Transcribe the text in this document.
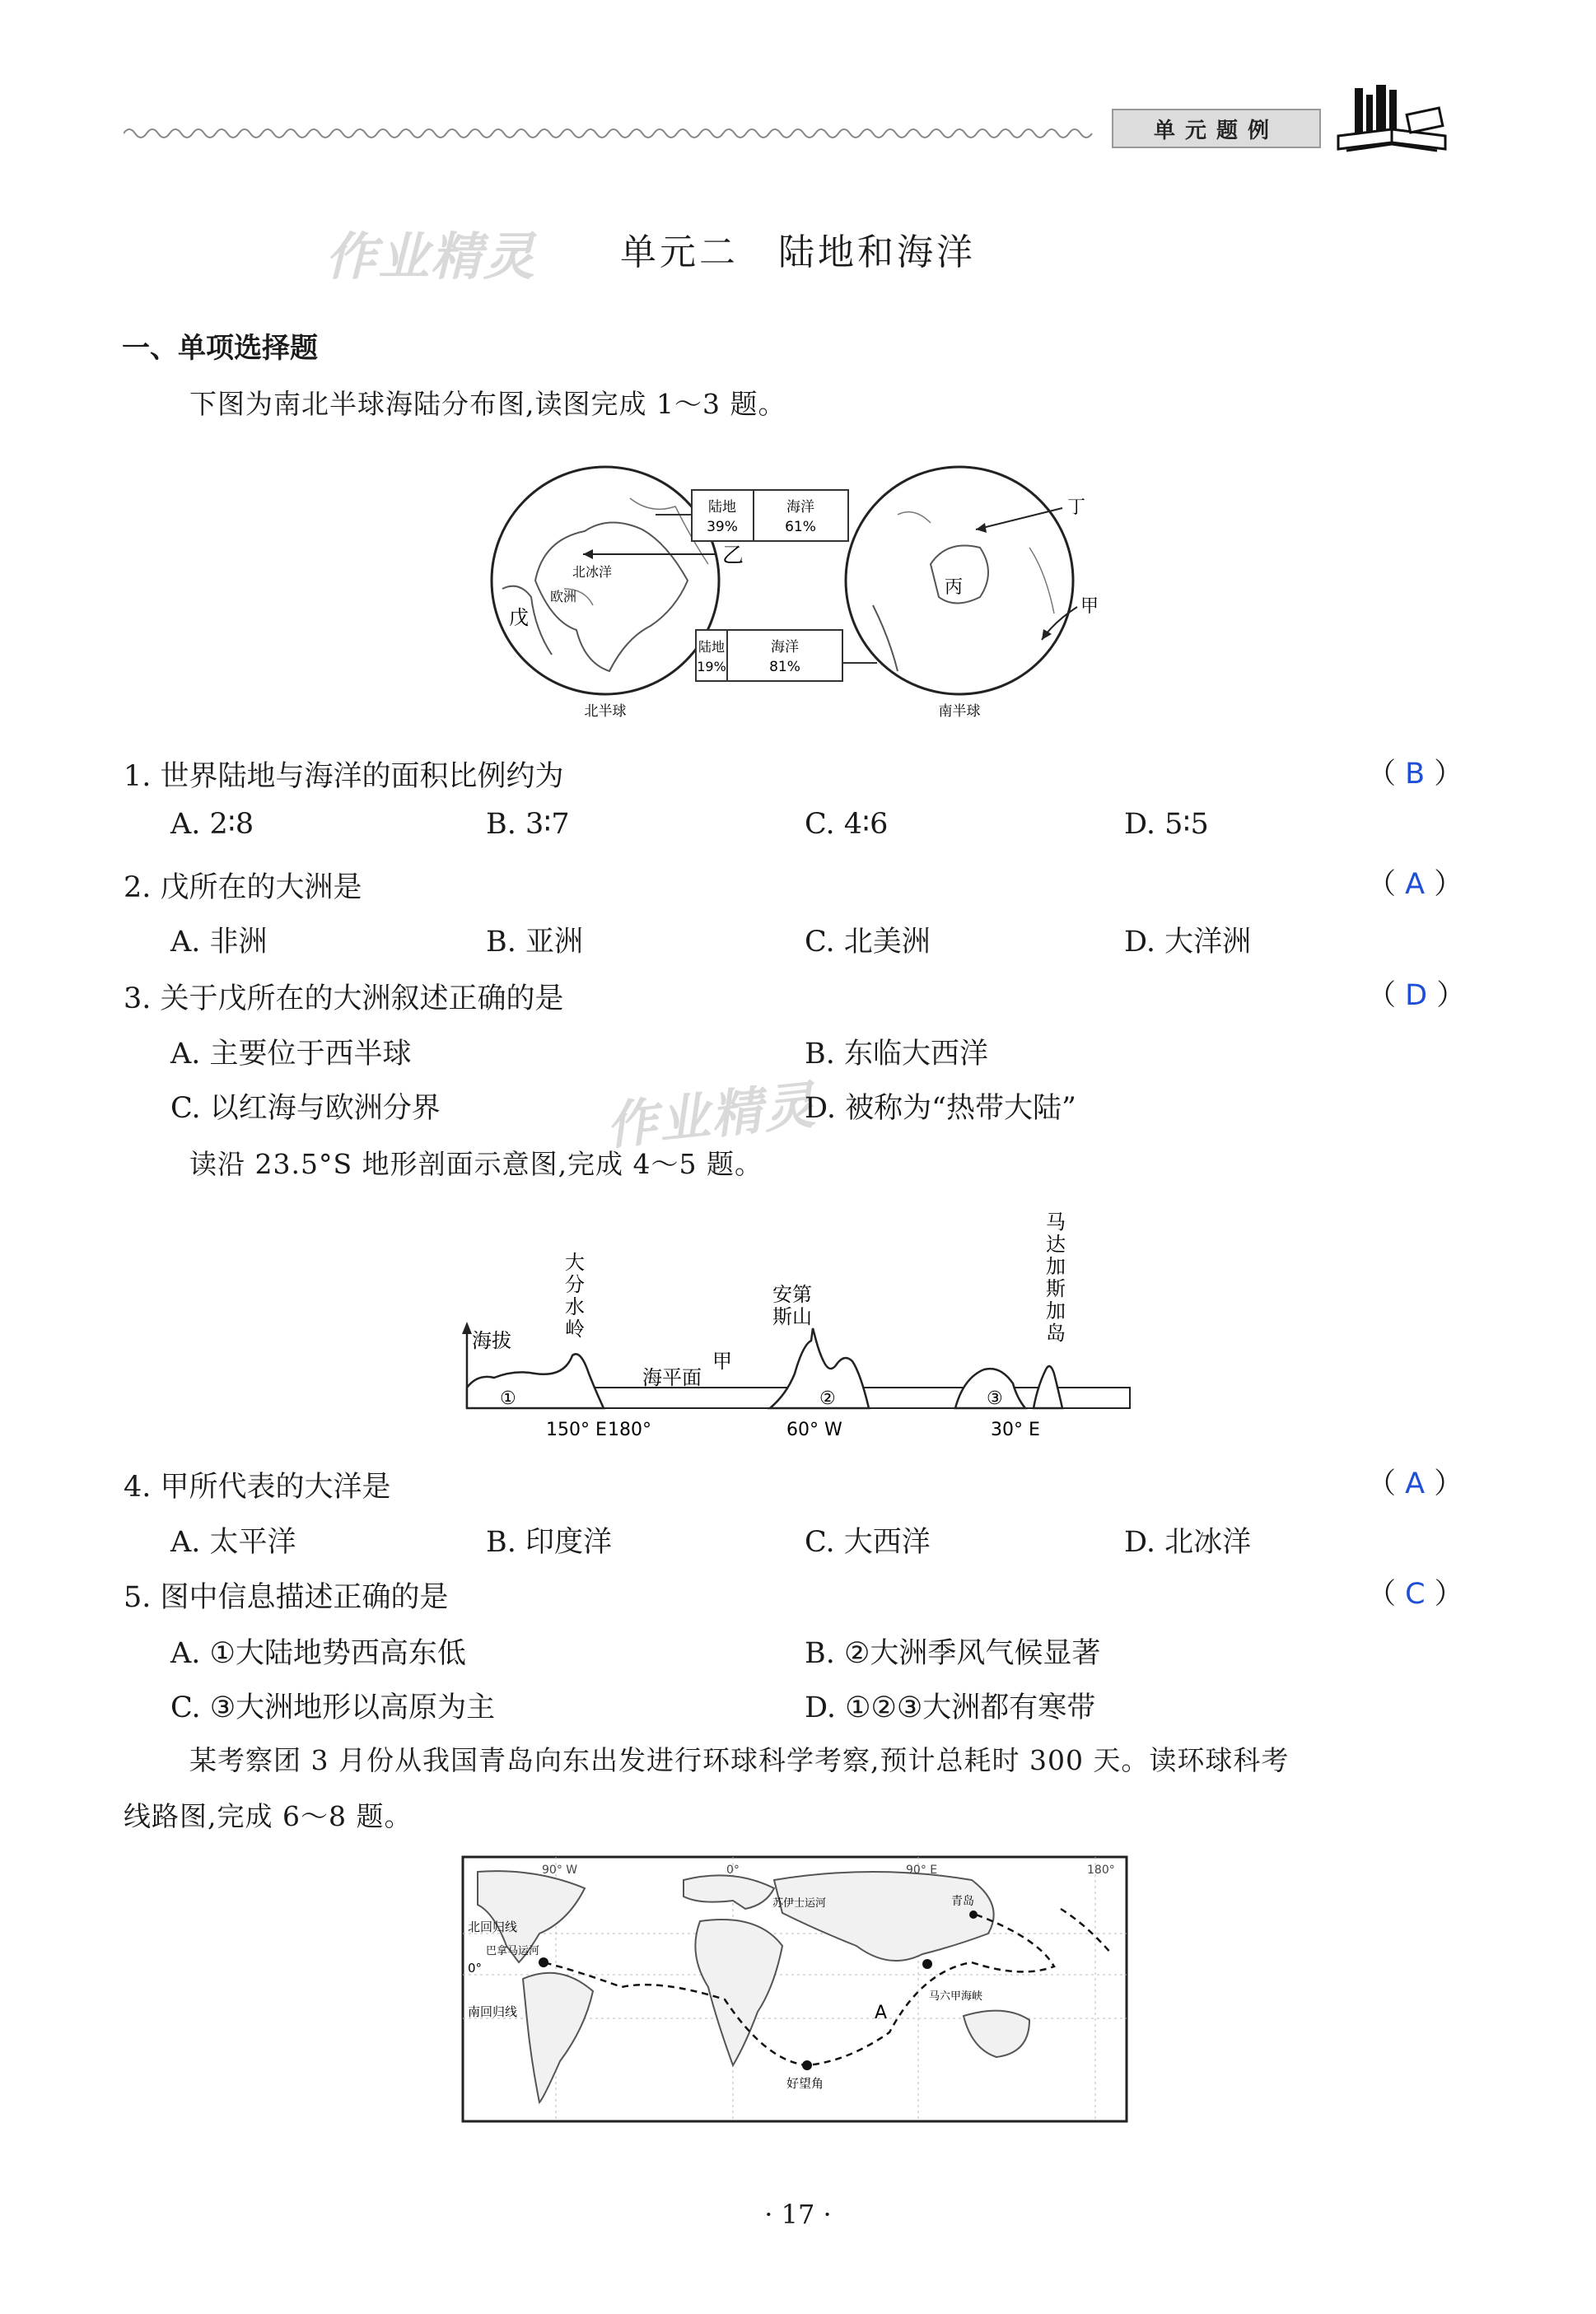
单元题例
作业精灵
作业精灵
单元二　陆地和海洋
一、单项选择题
下图为南北半球海陆分布图,读图完成 1～3 题。
陆地
39%
海洋
61%
陆地
19%
海洋
81%
乙
北冰洋
欧洲
戊
丙
丁
甲
北半球	南半球
1. 世界陆地与海洋的面积比例约为	（ B ）
A. 2∶8	B. 3∶7	C. 4∶6	D. 5∶5
2. 戊所在的大洲是	（ A ）
A. 非洲	B. 亚洲	C. 北美洲	D. 大洋洲
3. 关于戊所在的大洲叙述正确的是	（ D ）
A. 主要位于西半球	B. 东临大西洋
C. 以红海与欧洲分界	D. 被称为“热带大陆”
读沿 23.5°S 地形剖面示意图,完成 4～5 题。
海拔
海平面
甲
①	②	③
150° E 180°	60° W	30° E
大
分
水
岭
安
斯
第
山
马
达
加
斯
加
岛
4. 甲所代表的大洋是	（ A ）
A. 太平洋	B. 印度洋	C. 大西洋	D. 北冰洋
5. 图中信息描述正确的是	（ C ）
A. ①大陆地势西高东低	B. ②大洲季风气候显著
C. ③大洲地形以高原为主	D. ①②③大洲都有寒带
某考察团 3 月份从我国青岛向东出发进行环球科学考察,预计总耗时 300 天。读环球科考
线路图,完成 6～8 题。
90° W	0°	90° E	180°
北回归线
0°
南回归线
巴拿马运河
苏伊士运河	青岛
好望角
马六甲海峡
A
· 17 ·
